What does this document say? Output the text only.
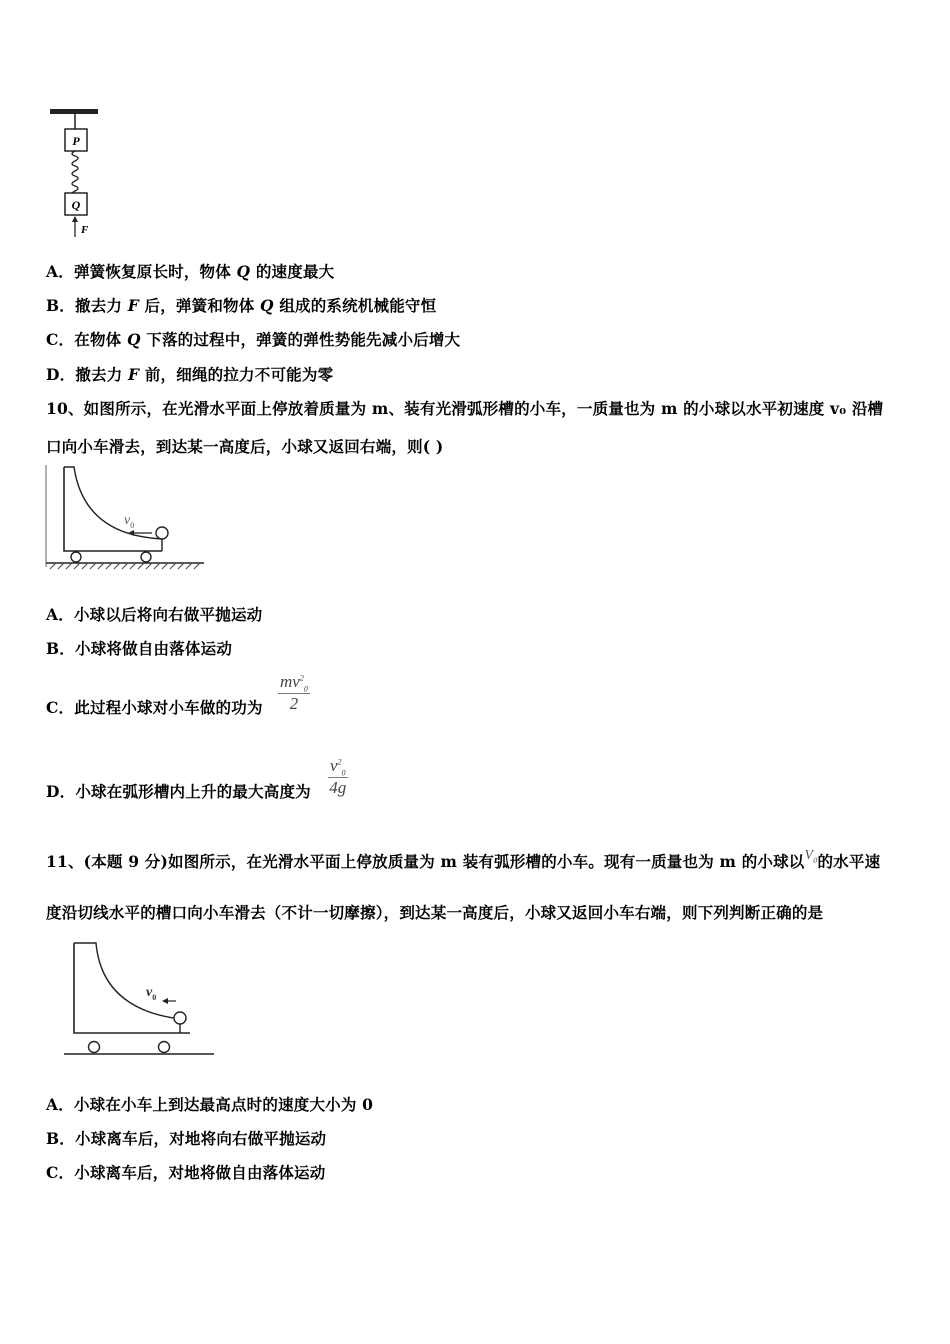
P
Q
F
A．弹簧恢复原长时，物体 Q 的速度最大
B．撤去力 F 后，弹簧和物体 Q 组成的系统机械能守恒
C．在物体 Q 下落的过程中，弹簧的弹性势能先减小后增大
D．撤去力 F 前，细绳的拉力不可能为零
10、如图所示，在光滑水平面上停放着质量为 m、装有光滑弧形槽的小车，一质量也为 m 的小球以水平初速度 v₀ 沿槽
口向小车滑去，到达某一高度后，小球又返回右端，则( )
$v_0$
A．小球以后将向右做平抛运动
B．小球将做自由落体运动
C．此过程小球对小车做的功为 $\frac{mv^2_0}{2}$
D．小球在弧形槽内上升的最大高度为 $\frac{v^2_0}{4g}$
11、(本题 9 分)如图所示，在光滑水平面上停放质量为 m 装有弧形槽的小车。现有一质量也为 m 的小球以$V_0$的水平速
度沿切线水平的槽口向小车滑去（不计一切摩擦），到达某一高度后，小球又返回小车右端，则下列判断正确的是
$v_0$
A．小球在小车上到达最高点时的速度大小为 0
B．小球离车后，对地将向右做平抛运动
C．小球离车后，对地将做自由落体运动
